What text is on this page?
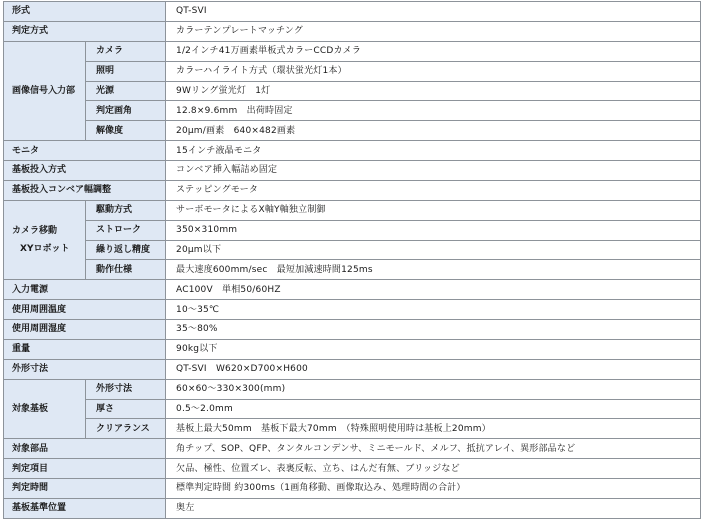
形式		QT-SVI
判定方式		カラーテンプレートマッチング
画像信号入力部	カメラ	1/2インチ41万画素単板式カラーCCDカメラ
	照明	カラーハイライト方式（環状蛍光灯1本）
	光源	9Wリング蛍光灯　1灯
	判定画角	12.8×9.6mm　出荷時固定
	解像度	20μm/画素　640×482画素
モニタ		15インチ液晶モニタ
基板投入方式		コンベア挿入幅詰め固定
基板投入コンベア幅調整		ステッピングモータ

カメラ移動
XYロボット	駆動方式	サーボモータによるX軸Y軸独立制御
	ストローク	350×310mm
	繰り返し精度	20μm以下
	動作仕様	最大速度600mm/sec　最短加減速時間125ms
入力電源		AC100V　単相50/60HZ
使用周囲温度		10～35℃
使用周囲湿度		35～80%
重量		90kg以下
外形寸法		QT-SVI　W620×D700×H600
対象基板	外形寸法	60×60～330×300(mm)
	厚さ	0.5～2.0mm
	クリアランス	基板上最大50mm　基板下最大70mm　（特殊照明使用時は基板上20mm）
対象部品		角チップ、SOP、QFP、タンタルコンデンサ、ミニモールド、メルフ、抵抗アレイ、異形部品など
判定項目		欠品、極性、位置ズレ、表裏反転、立ち、はんだ有無、ブリッジなど
判定時間		標準判定時間 約300ms（1画角移動、画像取込み、処理時間の合計）
基板基準位置		奥左
